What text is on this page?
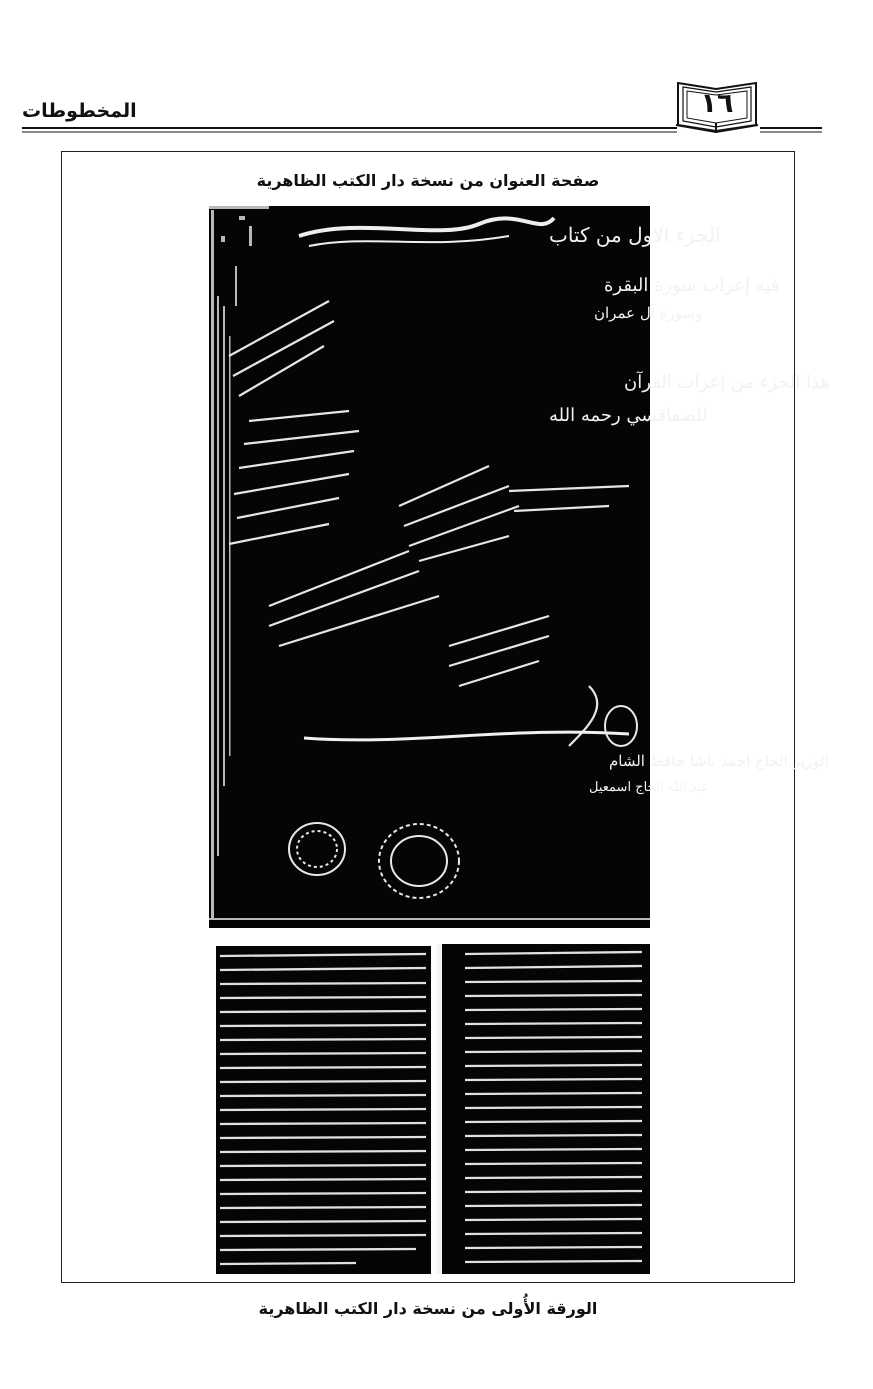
المخطوطات	١٦
صفحة العنوان من نسخة دار الكتب الظاهرية
الجزء الاول من كتاب
فيه إعراب سورة البقرة
وسورة آل عمران
هذا الجزء من إعراب القرآن
للصفاقسي رحمه الله
الوزير الحاج احمد باشا حافظ الشام
عبد الله الحاج اسمعيل
الورقة الأُولى من نسخة دار الكتب الظاهرية
